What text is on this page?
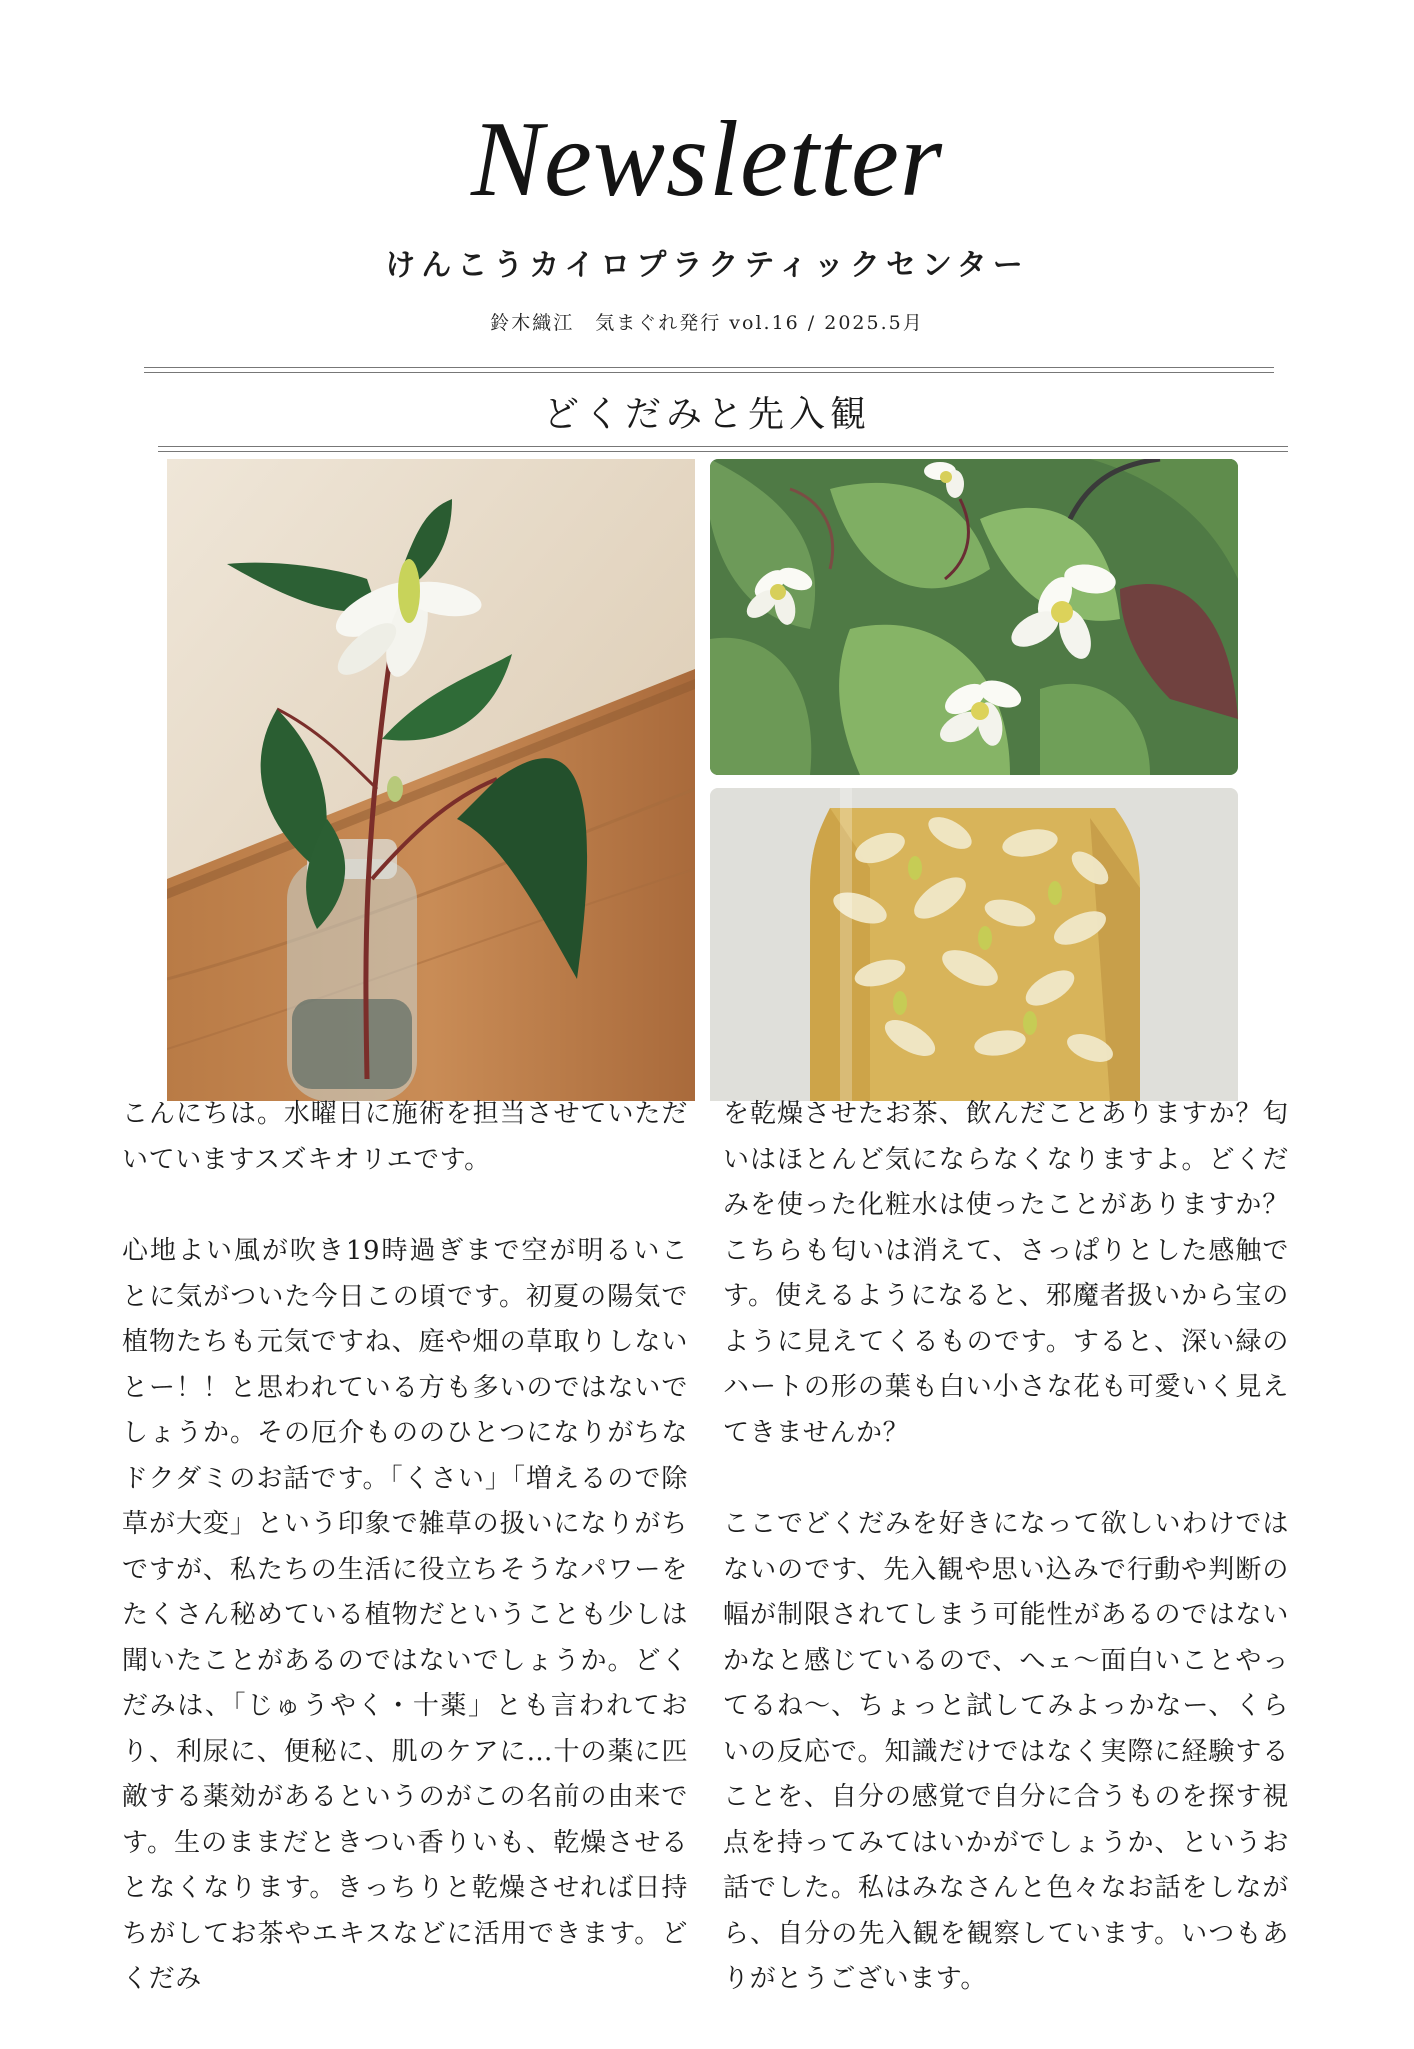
Newsletter
けんこうカイロプラクティックセンター
鈴木織江　気まぐれ発行 vol.16 / 2025.5月
どくだみと先入観

こんにちは。水曜日に施術を担当させていただいていますスズキオリエです。

心地よい風が吹き19時過ぎまで空が明るいことに気がついた今日この頃です。初夏の陽気で植物たちも元気ですね、庭や畑の草取りしないとー！！と思われている方も多いのではないでしょうか。その厄介もののひとつになりがちなドクダミのお話です。「くさい」「増えるので除草が大変」という印象で雑草の扱いになりがちですが、私たちの生活に役立ちそうなパワーをたくさん秘めている植物だということも少しは聞いたことがあるのではないでしょうか。どくだみは、「じゅうやく・十薬」とも言われており、利尿に、便秘に、肌のケアに…十の薬に匹敵する薬効があるというのがこの名前の由来です。生のままだときつい香りいも、乾燥させるとなくなります。きっちりと乾燥させれば日持ちがしてお茶やエキスなどに活用できます。どくだみ

を乾燥させたお茶、飲んだことありますか？匂いはほとんど気にならなくなりますよ。どくだみを使った化粧水は使ったことがありますか？こちらも匂いは消えて、さっぱりとした感触です。使えるようになると、邪魔者扱いから宝のように見えてくるものです。すると、深い緑のハートの形の葉も白い小さな花も可愛いく見えてきませんか？

ここでどくだみを好きになって欲しいわけではないのです、先入観や思い込みで行動や判断の幅が制限されてしまう可能性があるのではないかなと感じているので、へェ〜面白いことやってるね〜、ちょっと試してみよっかなー、くらいの反応で。知識だけではなく実際に経験することを、自分の感覚で自分に合うものを探す視点を持ってみてはいかがでしょうか、というお話でした。私はみなさんと色々なお話をしながら、自分の先入観を観察しています。いつもありがとうございます。
